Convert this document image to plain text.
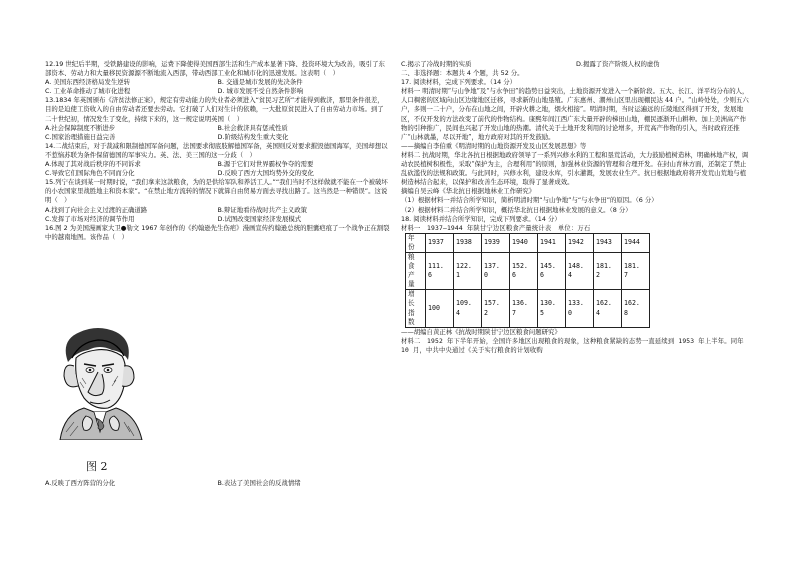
12.19 世纪后半期，受铁路建设的影响，运费下降使得美国西部生活和生产成本显著下降、投资环境大为改善，吸引了东部资本、劳动力和大量移民资源源不断地流入西部，带动西部工业化和城市化的迅速发展。这表明（　）

A. 美国东西经济格局发生逆转	B. 交通是城市发展的先决条件
C. 工业革命推动了城市化进程	D. 城市发展不受自然条件影响

13.1834 年英国颁布《济贫法修正案》，规定有劳动能力的失业者必须进入“贫民习艺所”才能得到救济，那里条件很差，目的是迫使工资收入的自由劳动者还要去劳动。它打破了人们对生计的依赖，一大批原贫民进入了自由劳动力市场。到了二十世纪初，情况发生了变化，持续下来的，这一规定说明英国（　）

A.社会保障制度不断进步	B.社会救济具有惩戒性质
C.国家治理措施日益完善	D.阶级结构发生重大变化

14.二战结束后，对于裁减和限制德国军备问题，法国要求彻底肢解德国军备，英国则反对要求摧毁德国海军，美国却想以不惹恼苏联为条件保留德国的军事实力。英、法、美三国的这一分歧（　）

A.体现了其对战后秩序的不同诉求	B.源于它们对世界霸权争夺的需要
C.导致它们国际角色不同而分化	D.反映了西方大国均势外交的变化

15.列宁在谈到某一时期时说，“我们拿来这款粮食，为的是供给军队和养活工人。”“我们当时不这样做就不能在一个被破坏的小农国家里战胜地主和资本家”。“在禁止地方流转的情况下就算自由贸易方面去寻找出路了。这当然是一种错误”。这说明（　）

A.找到了向社会主义过渡的正确道路	B.辩证地看待战时共产主义政策
C.发挥了市场对经济的调节作用	D.试图改变国家经济发展模式

16.图 2 为美国漫画家大卫●勒文 1967 年创作的《约翰逊先生伤疤》漫画宣传约翰逊总统的胆囊疤痕了一个战争正在割裂中的越南地图。该作品（　）

图 2
A.反映了西方阵营的分化	B.表达了美国社会的反战情绪
C.揭示了冷战时期的实质	D.揭露了资产阶级人权的虚伪

二、非选择题：本题共 4 个题，共 52 分。

17. 阅读材料，完成下列要求。（14 分）

材料一 明清时期“与山争地”及“与水争田”的趋势日益突出，土地资源开发进入一个新阶段。五大、长江、洋平均分布的人，人口稠密的区域向山区边缘地区迁移，寻求新的山地垦殖。广东惠州、潮州山区里出现棚民达 44 户。“山岭处处，少则五六户，多则一二十户，分布在山地之间，开辟火耕之地，烟火相接”。明清时期，当时运遍远的丘陵地区得到了开发，发展地区，不仅开发的方法改变了前代的作物结构。康熙年间江西广东大量开辟的梯田山地，棚民逐渐开山耕种。加上美洲高产作物的引种推广，民间也兴起了开发山地的热潮。清代关于土地开发利用的讨论增多，开荒高产作物的引入，当时政府还推广“山林就墨，尽以开地”，地方政府对其的开发鼓励。

——摘编自李伯重《明清时期的山地资源开发及山区发展思想》等

材料二 抗战时期，华北各抗日根据地政府领导了一系列兴修水利的工程和垦荒活动，大力鼓励植树造林，明确林地产权，调动农民植树积极性，采取“保护为主，合理利用”的原则，加强林业资源的管理和合理开发。在封山育林方面，还制定了禁止乱砍滥伐的法规和政策。与此同时，兴修水利，建设水库，引水灌溉，发展农业生产。抗日根据地政府将开发荒山荒地与植树造林结合起来，以保护和改善生态环境，取得了显著成效。

摘编自吴云峰《华北抗日根据地林业工作研究》

（1）根据材料一并结合所学知识，简析明清时期“与山争地”与“与水争田”的原因。（6 分）

（2）根据材料二并结合所学知识，概括华北抗日根据地林业发展的意义。（8 分）

18. 阅读材料并结合所学知识，完成下列要求。（14 分）

材料一　1937—1944 年陕甘宁边区粮食产量统计表　单位：万石

年
份	1937	1938	1939	1940	1941	1942	1943	1944
粮
食
产
量	111. 6	122. 1	137. 0	152. 6	145. 6	148. 4	181. 2	181. 7
增
长
指
数	100	109. 4	157. 2	136. 7	130. 5	133. 0	162. 4	162. 8

——胡编自黄正林《抗战时期陕甘宁边区粮食问题研究》

材料二　1952 年下半年开始，全国许多地区出现粮食的现象，这种粮食紧缺的态势一直延续到 1953 年上半年。同年 10 月，中共中央通过《关于实行粮食的计划收购
